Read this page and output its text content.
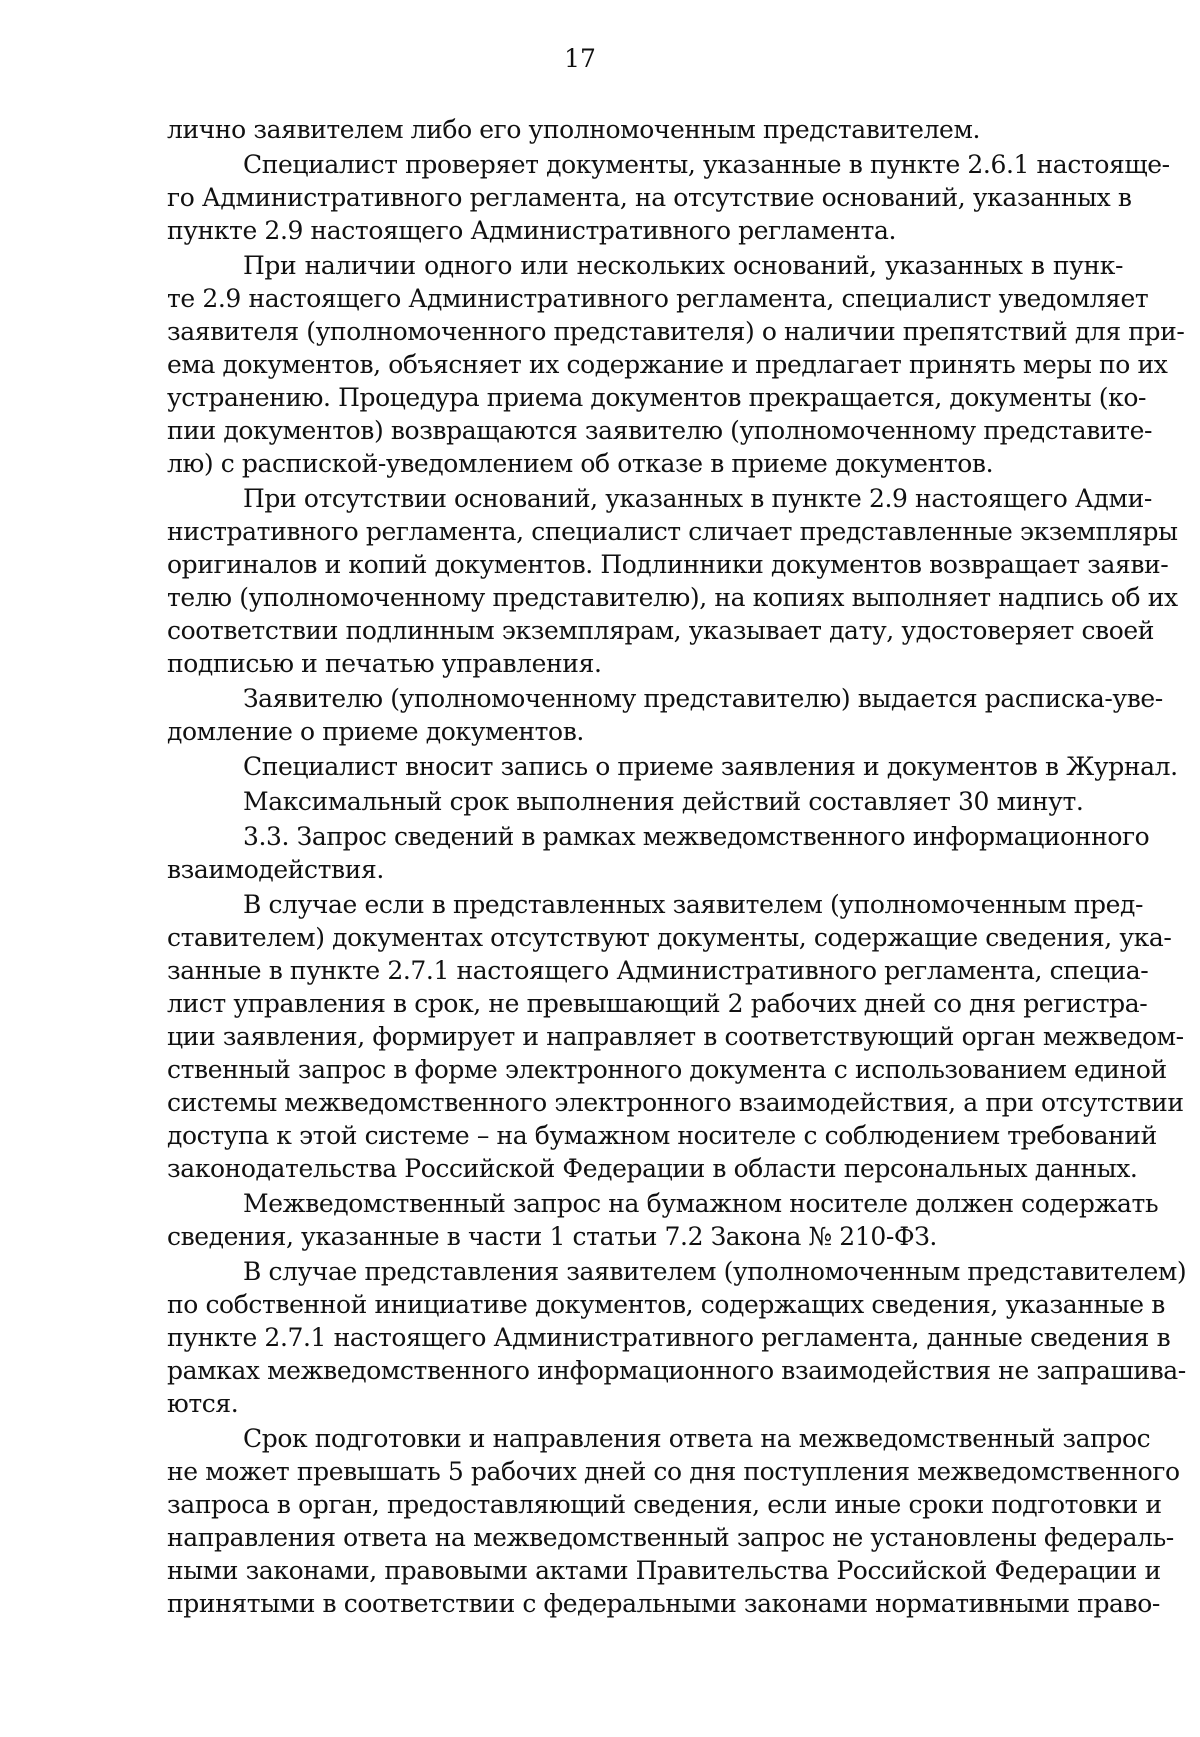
17
лично заявителем либо его уполномоченным представителем.
Специалист проверяет документы, указанные в пункте 2.6.1 настояще-
го Административного регламента, на отсутствие оснований, указанных в
пункте 2.9 настоящего Административного регламента.
При наличии одного или нескольких оснований, указанных в пунк-
те 2.9 настоящего Административного регламента, специалист уведомляет
заявителя (уполномоченного представителя) о наличии препятствий для при-
ема документов, объясняет их содержание и предлагает принять меры по их
устранению. Процедура приема документов прекращается, документы (ко-
пии документов) возвращаются заявителю (уполномоченному представите-
лю) с распиской-уведомлением об отказе в приеме документов.
При отсутствии оснований, указанных в пункте 2.9 настоящего Адми-
нистративного регламента, специалист сличает представленные экземпляры
оригиналов и копий документов. Подлинники документов возвращает заяви-
телю (уполномоченному представителю), на копиях выполняет надпись об их
соответствии подлинным экземплярам, указывает дату, удостоверяет своей
подписью и печатью управления.
Заявителю (уполномоченному представителю) выдается расписка-уве-
домление о приеме документов.
Специалист вносит запись о приеме заявления и документов в Журнал.
Максимальный срок выполнения действий составляет 30 минут.
3.3. Запрос сведений в рамках межведомственного информационного
взаимодействия.
В случае если в представленных заявителем (уполномоченным пред-
ставителем) документах отсутствуют документы, содержащие сведения, ука-
занные в пункте 2.7.1 настоящего Административного регламента, специа-
лист управления в срок, не превышающий 2 рабочих дней со дня регистра-
ции заявления, формирует и направляет в соответствующий орган межведом-
ственный запрос в форме электронного документа с использованием единой
системы межведомственного электронного взаимодействия, а при отсутствии
доступа к этой системе – на бумажном носителе с соблюдением требований
законодательства Российской Федерации в области персональных данных.
Межведомственный запрос на бумажном носителе должен содержать
сведения, указанные в части 1 статьи 7.2 Закона № 210-ФЗ.
В случае представления заявителем (уполномоченным представителем)
по собственной инициативе документов, содержащих сведения, указанные в
пункте 2.7.1 настоящего Административного регламента, данные сведения в
рамках межведомственного информационного взаимодействия не запрашива-
ются.
Срок подготовки и направления ответа на межведомственный запрос
не может превышать 5 рабочих дней со дня поступления межведомственного
запроса в орган, предоставляющий сведения, если иные сроки подготовки и
направления ответа на межведомственный запрос не установлены федераль-
ными законами, правовыми актами Правительства Российской Федерации и
принятыми в соответствии с федеральными законами нормативными право-
